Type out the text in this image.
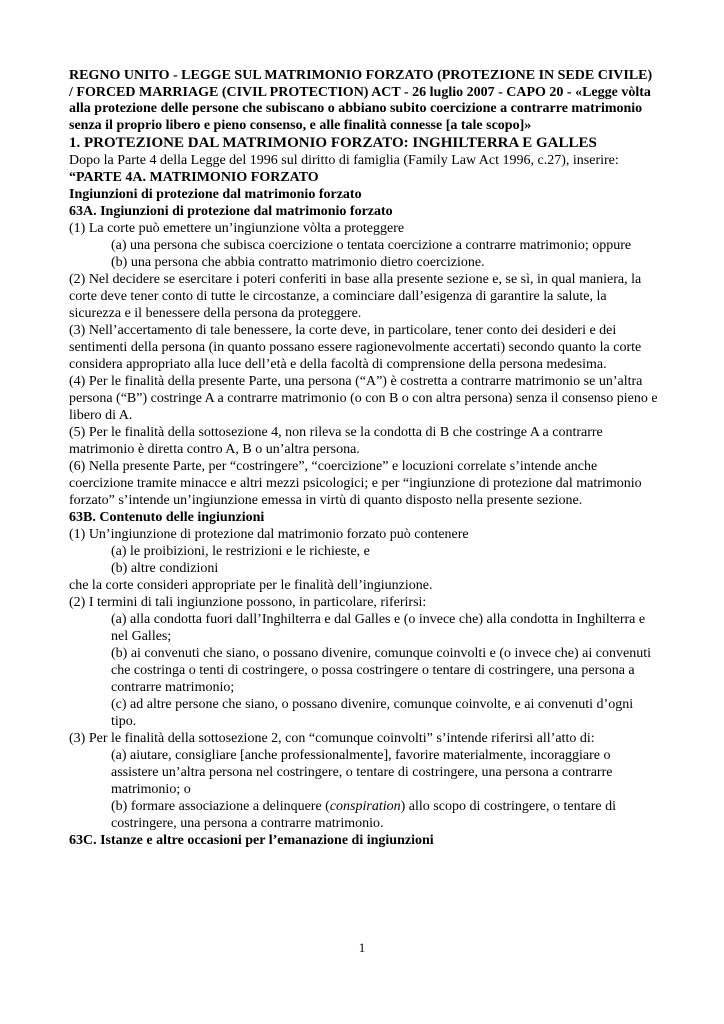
REGNO UNITO - LEGGE SUL MATRIMONIO FORZATO (PROTEZIONE IN SEDE CIVILE) / FORCED MARRIAGE (CIVIL PROTECTION) ACT - 26 luglio 2007 - CAPO 20 - «Legge vòlta alla protezione delle persone che subiscano o abbiano subito coercizione a contrarre matrimonio senza il proprio libero e pieno consenso, e alle finalità connesse [a tale scopo]»

1. PROTEZIONE DAL MATRIMONIO FORZATO: INGHILTERRA E GALLES

Dopo la Parte 4 della Legge del 1996 sul diritto di famiglia (Family Law Act 1996, c.27), inserire:

“PARTE 4A. MATRIMONIO FORZATO

Ingiunzioni di protezione dal matrimonio forzato

63A. Ingiunzioni di protezione dal matrimonio forzato

(1) La corte può emettere un’ingiunzione vòlta a proteggere

(a) una persona che subisca coercizione o tentata coercizione a contrarre matrimonio; oppure

(b) una persona che abbia contratto matrimonio dietro coercizione.

(2) Nel decidere se esercitare i poteri conferiti in base alla presente sezione e, se sì, in qual maniera, la corte deve tener conto di tutte le circostanze, a cominciare dall’esigenza di garantire la salute, la sicurezza e il benessere della persona da proteggere.

(3) Nell’accertamento di tale benessere, la corte deve, in particolare, tener conto dei desideri e dei sentimenti della persona (in quanto possano essere ragionevolmente accertati) secondo quanto la corte considera appropriato alla luce dell’età e della facoltà di comprensione della persona medesima.

(4) Per le finalità della presente Parte, una persona (“A”) è costretta a contrarre matrimonio se un’altra persona (“B”) costringe A a contrarre matrimonio (o con B o con altra persona) senza il consenso pieno e libero di A.

(5) Per le finalità della sottosezione 4, non rileva se la condotta di B che costringe A a contrarre matrimonio è diretta contro A, B o un’altra persona.

(6) Nella presente Parte, per “costringere”, “coercizione” e locuzioni correlate s’intende anche coercizione tramite minacce e altri mezzi psicologici; e per “ingiunzione di protezione dal matrimonio forzato” s’intende un’ingiunzione emessa in virtù di quanto disposto nella presente sezione.

63B. Contenuto delle ingiunzioni

(1) Un’ingiunzione di protezione dal matrimonio forzato può contenere

(a) le proibizioni, le restrizioni e le richieste, e

(b) altre condizioni

che la corte consideri appropriate per le finalità dell’ingiunzione.

(2) I termini di tali ingiunzione possono, in particolare, riferirsi:

(a) alla condotta fuori dall’Inghilterra e dal Galles e (o invece che) alla condotta in Inghilterra e nel Galles;

(b) ai convenuti che siano, o possano divenire, comunque coinvolti e (o invece che) ai convenuti che costringa o tenti di costringere, o possa costringere o tentare di costringere, una persona a contrarre matrimonio;

(c) ad altre persone che siano, o possano divenire, comunque coinvolte, e ai convenuti d’ogni tipo.

(3) Per le finalità della sottosezione 2, con “comunque coinvolti” s’intende riferirsi all’atto di:

(a) aiutare, consigliare [anche professionalmente], favorire materialmente, incoraggiare o assistere un’altra persona nel costringere, o tentare di costringere, una persona a contrarre matrimonio; o

(b) formare associazione a delinquere (conspiration) allo scopo di costringere, o tentare di costringere, una persona a contrarre matrimonio.

63C. Istanze e altre occasioni per l’emanazione di ingiunzioni

1
